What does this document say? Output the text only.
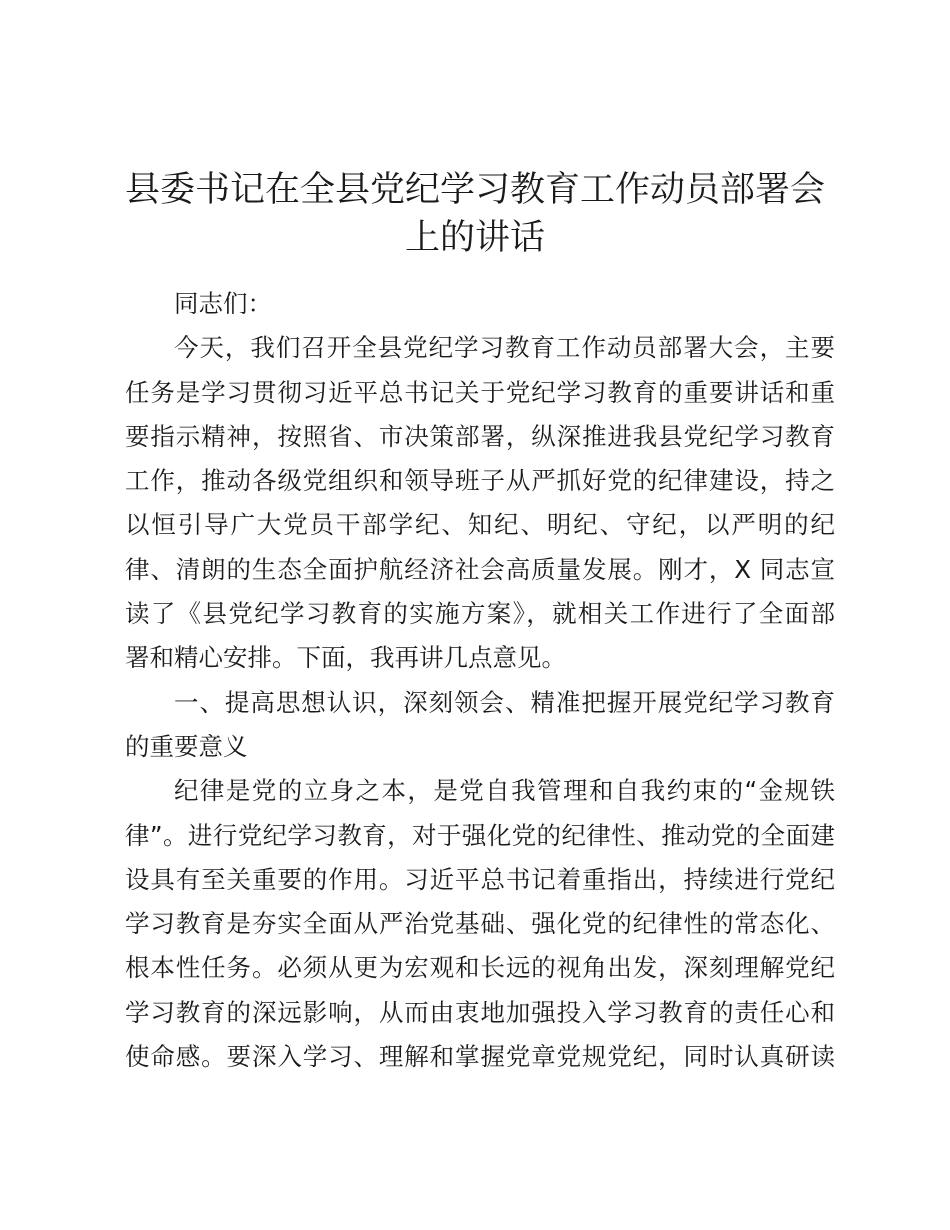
县委书记在全县党纪学习教育工作动员部署会
上的讲话
同志们：
今天，我们召开全县党纪学习教育工作动员部署大会，主要
任务是学习贯彻习近平总书记关于党纪学习教育的重要讲话和重
要指示精神，按照省、市决策部署，纵深推进我县党纪学习教育
工作，推动各级党组织和领导班子从严抓好党的纪律建设，持之
以恒引导广大党员干部学纪、知纪、明纪、守纪，以严明的纪
律、清朗的生态全面护航经济社会高质量发展。刚才，X 同志宣
读了《县党纪学习教育的实施方案》，就相关工作进行了全面部
署和精心安排。下面，我再讲几点意见。
一、提高思想认识，深刻领会、精准把握开展党纪学习教育
的重要意义
纪律是党的立身之本，是党自我管理和自我约束的“金规铁
律”。进行党纪学习教育，对于强化党的纪律性、推动党的全面建
设具有至关重要的作用。习近平总书记着重指出，持续进行党纪
学习教育是夯实全面从严治党基础、强化党的纪律性的常态化、
根本性任务。必须从更为宏观和长远的视角出发，深刻理解党纪
学习教育的深远影响，从而由衷地加强投入学习教育的责任心和
使命感。要深入学习、理解和掌握党章党规党纪，同时认真研读
